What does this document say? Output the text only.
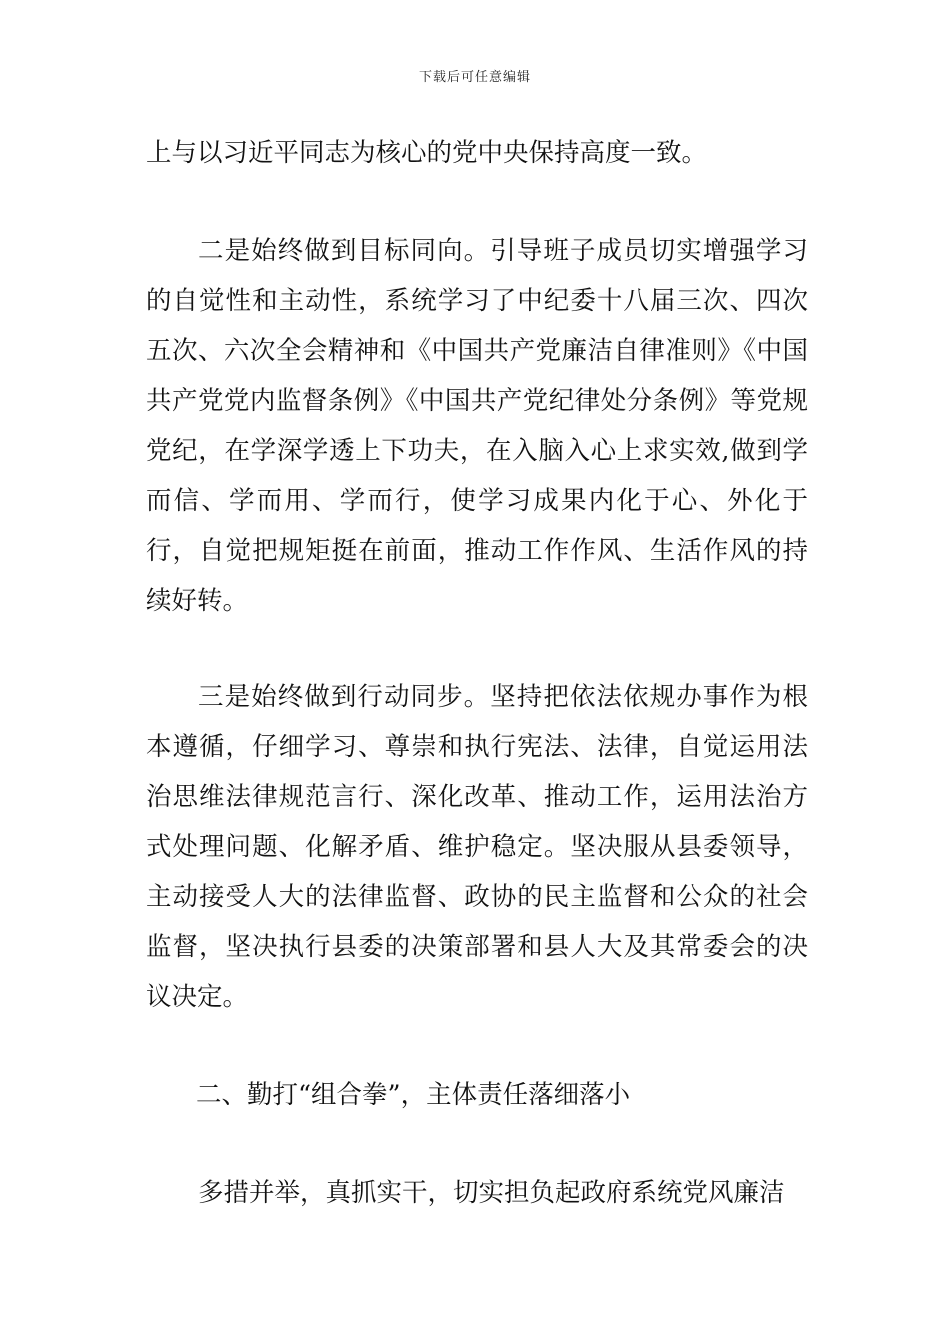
下载后可任意编辑
上与以习近平同志为核心的党中央保持高度一致。
二是始终做到目标同向。引导班子成员切实增强学习的自觉性和主动性，系统学习了中纪委十八届三次、四次五次、六次全会精神和《中国共产党廉洁自律准则》《中国共产党党内监督条例》《中国共产党纪律处分条例》等党规党纪，在学深学透上下功夫，在入脑入心上求实效,做到学而信、学而用、学而行，使学习成果内化于心、外化于行，自觉把规矩挺在前面，推动工作作风、生活作风的持续好转。
三是始终做到行动同步。坚持把依法依规办事作为根本遵循，仔细学习、尊崇和执行宪法、法律，自觉运用法治思维法律规范言行、深化改革、推动工作，运用法治方式处理问题、化解矛盾、维护稳定。坚决服从县委领导，主动接受人大的法律监督、政协的民主监督和公众的社会监督，坚决执行县委的决策部署和县人大及其常委会的决议决定。
二、勤打“组合拳”，主体责任落细落小
多措并举，真抓实干，切实担负起政府系统党风廉洁
